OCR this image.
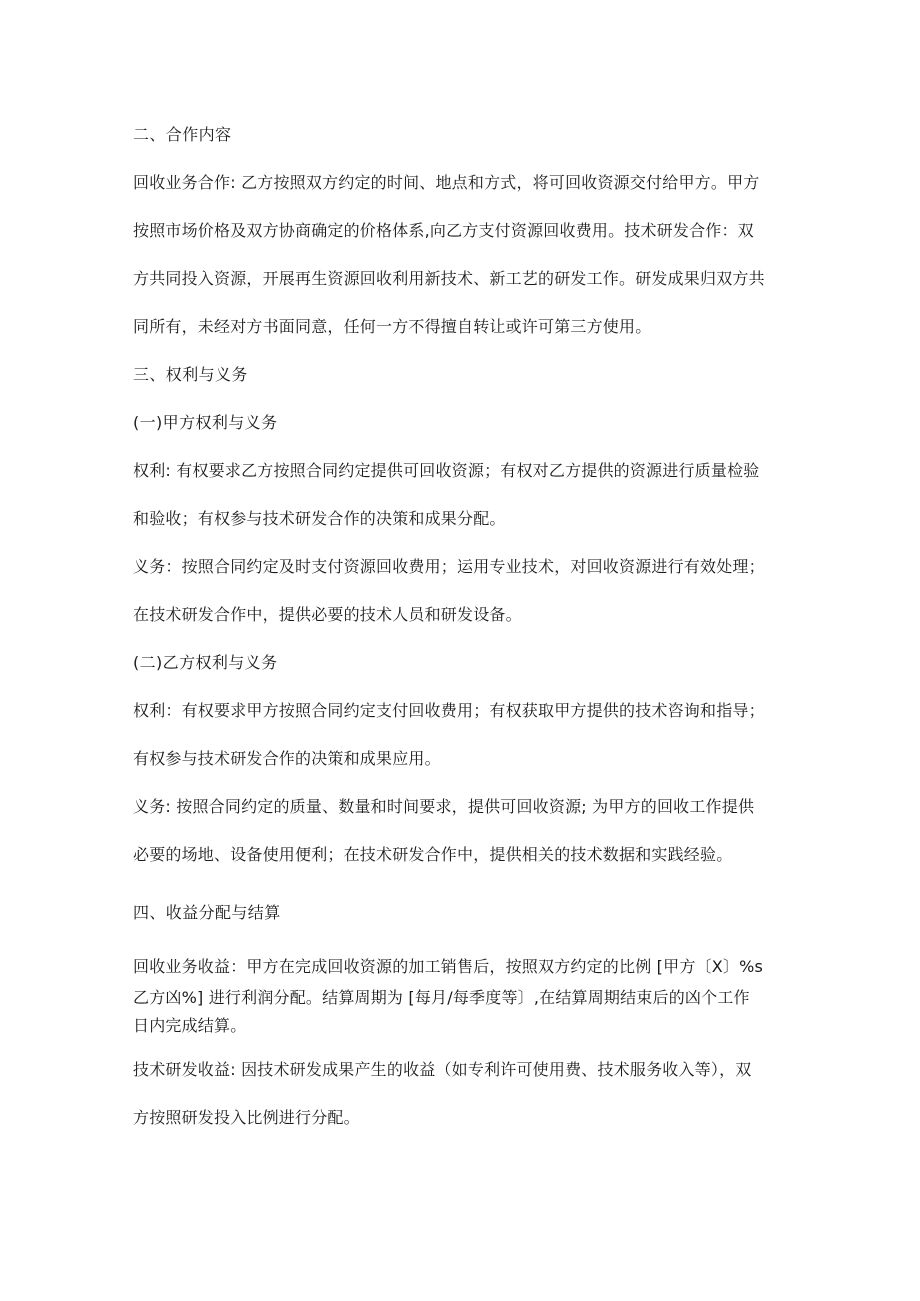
二、合作内容
回收业务合作: 乙方按照双方约定的时间、地点和方式，将可回收资源交付给甲方。甲方
按照市场价格及双方协商确定的价格体系,向乙方支付资源回收费用。技术研发合作：双
方共同投入资源，开展再生资源回收利用新技术、新工艺的研发工作。研发成果归双方共
同所有，未经对方书面同意，任何一方不得擅自转让或许可第三方使用。
三、权利与义务
(一)甲方权利与义务
权利: 有权要求乙方按照合同约定提供可回收资源；有权对乙方提供的资源进行质量检验
和验收；有权参与技术研发合作的决策和成果分配。
义务：按照合同约定及时支付资源回收费用；运用专业技术，对回收资源进行有效处理；
在技术研发合作中，提供必要的技术人员和研发设备。
(二)乙方权利与义务
权利：有权要求甲方按照合同约定支付回收费用；有权获取甲方提供的技术咨询和指导；
有权参与技术研发合作的决策和成果应用。
义务: 按照合同约定的质量、数量和时间要求，提供可回收资源; 为甲方的回收工作提供
必要的场地、设备使用便利；在技术研发合作中，提供相关的技术数据和实践经验。
四、收益分配与结算
回收业务收益：甲方在完成回收资源的加工销售后，按照双方约定的比例 [甲方〔X〕%s
乙方凶%] 进行利润分配。结算周期为 [每月/每季度等〕,在结算周期结束后的凶个工作
日内完成结算。
技术研发收益: 因技术研发成果产生的收益（如专利许可使用费、技术服务收入等），双
方按照研发投入比例进行分配。
